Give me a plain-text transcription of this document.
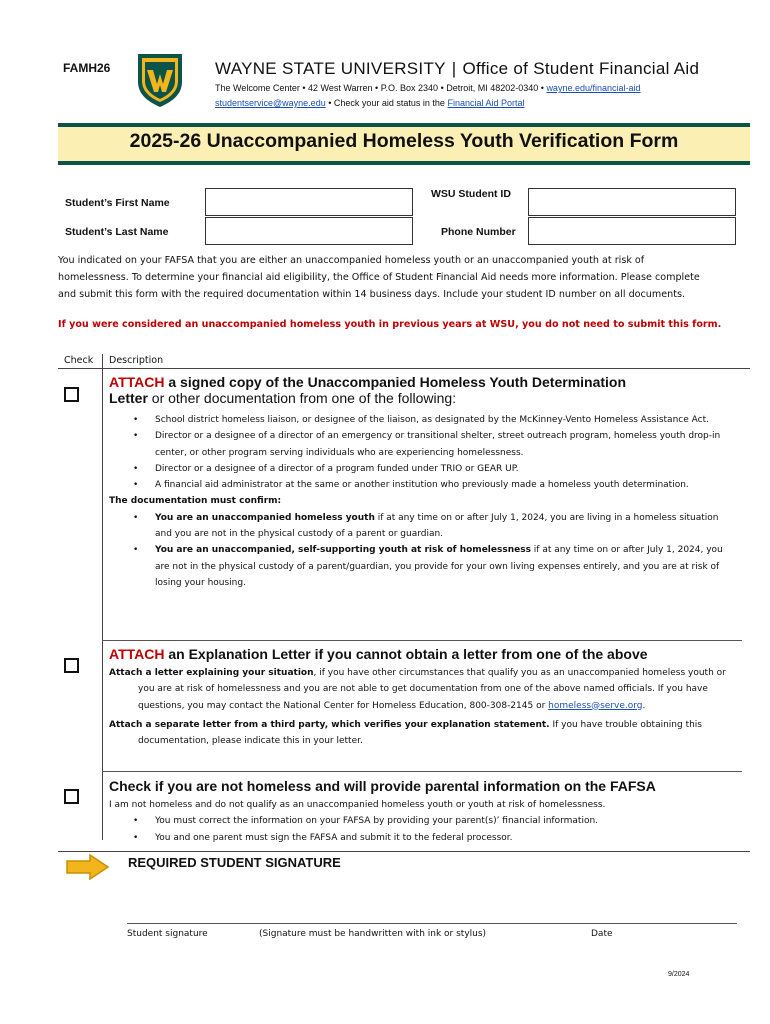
FAMH26	WAYNE STATE UNIVERSITY | Office of Student Financial Aid
The Welcome Center • 42 West Warren • P.O. Box 2340 • Detroit, MI 48202-0340 • wayne.edu/financial-aid
studentservice@wayne.edu • Check your aid status in the Financial Aid Portal
2025-26 Unaccompanied Homeless Youth Verification Form
Student’s First Name
Student’s Last Name
WSU Student ID
Phone Number
You indicated on your FAFSA that you are either an unaccompanied homeless youth or an unaccompanied youth at risk of homelessness. To determine your financial aid eligibility, the Office of Student Financial Aid needs more information. Please complete and submit this form with the required documentation within 14 business days. Include your student ID number on all documents.
If you were considered an unaccompanied homeless youth in previous years at WSU, you do not need to submit this form.
Check Description
ATTACH a signed copy of the Unaccompanied Homeless Youth Determination
Letter or other documentation from one of the following:
• School district homeless liaison, or designee of the liaison, as designated by the McKinney-Vento Homeless Assistance Act.
• Director or a designee of a director of an emergency or transitional shelter, street outreach program, homeless youth drop-in center, or other program serving individuals who are experiencing homelessness.
• Director or a designee of a director of a program funded under TRIO or GEAR UP.
• A financial aid administrator at the same or another institution who previously made a homeless youth determination.
The documentation must confirm:
• You are an unaccompanied homeless youth if at any time on or after July 1, 2024, you are living in a homeless situation and you are not in the physical custody of a parent or guardian.
• You are an unaccompanied, self-supporting youth at risk of homelessness if at any time on or after July 1, 2024, you are not in the physical custody of a parent/guardian, you provide for your own living expenses entirely, and you are at risk of losing your housing.
ATTACH an Explanation Letter if you cannot obtain a letter from one of the above
Attach a letter explaining your situation, if you have other circumstances that qualify you as an unaccompanied homeless youth or you are at risk of homelessness and you are not able to get documentation from one of the above named officials. If you have questions, you may contact the National Center for Homeless Education, 800-308-2145 or homeless@serve.org.
Attach a separate letter from a third party, which verifies your explanation statement. If you have trouble obtaining this documentation, please indicate this in your letter.
Check if you are not homeless and will provide parental information on the FAFSA
I am not homeless and do not qualify as an unaccompanied homeless youth or youth at risk of homelessness.
• You must correct the information on your FAFSA by providing your parent(s)’ financial information.
• You and one parent must sign the FAFSA and submit it to the federal processor.
REQUIRED STUDENT SIGNATURE
Student signature	(Signature must be handwritten with ink or stylus)	Date
9/2024
